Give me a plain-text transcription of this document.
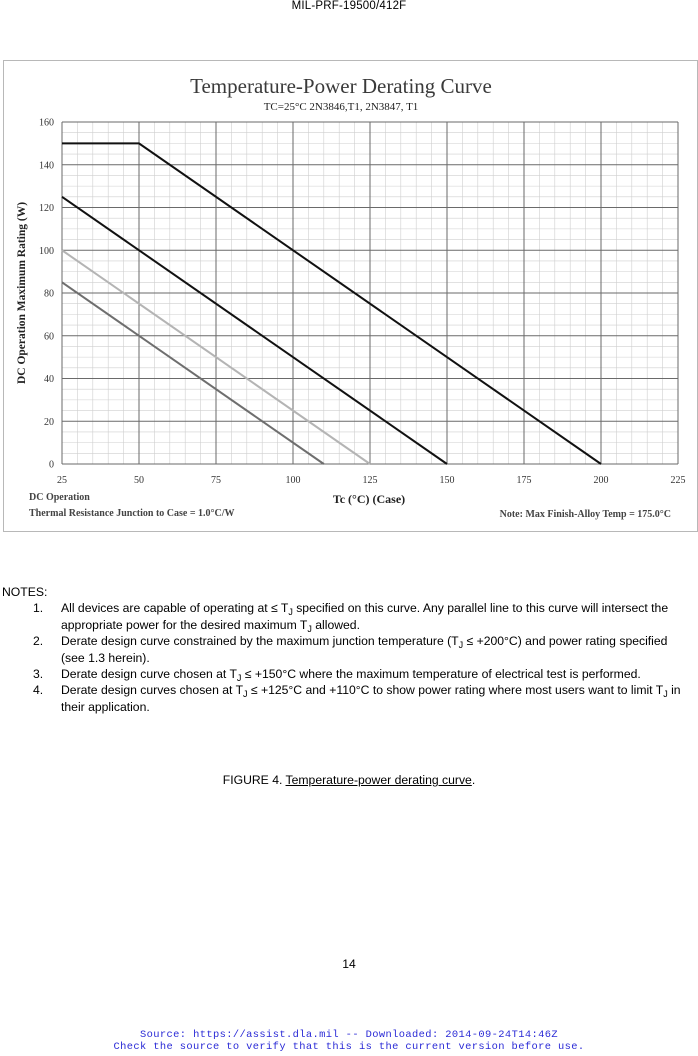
MIL-PRF-19500/412F
0
20
40
60
80
100
120
140
160
25	50	75	100	125	150	175	200	225
Temperature-Power Derating Curve
TC=25°C 2N3846,T1, 2N3847, T1
DC Operation Maximum Rating (W)
Tc (°C) (Case)
DC Operation
Thermal Resistance Junction to Case = 1.0°C/W	Note: Max Finish-Alloy Temp = 175.0°C
NOTES:
1. All devices are capable of operating at ≤ $T_J$ specified on this curve. Any parallel line to this curve will intersect the appropriate power for the desired maximum $T_J$ allowed.
2. Derate design curve constrained by the maximum junction temperature $(T_J \le +200^\circ C)$ and power rating specified (see 1.3 herein).
3. Derate design curve chosen at $T_J \le +150^\circ C$ where the maximum temperature of electrical test is performed.
4. Derate design curves chosen at $T_J \le +125^\circ C$ and +110°C to show power rating where most users want to limit $T_J$ in their application.
FIGURE 4. Temperature-power derating curve.
14
Source: https://assist.dla.mil -- Downloaded: 2014-09-24T14:46Z
Check the source to verify that this is the current version before use.
